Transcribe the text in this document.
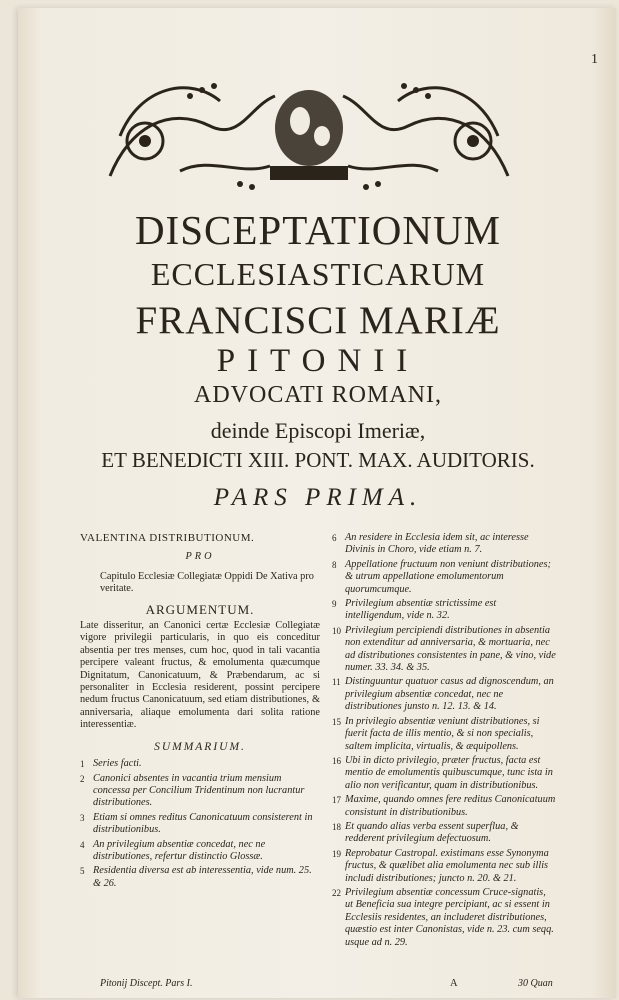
1
DISCEPTATIONUM
ECCLESIASTICARUM
FRANCISCI MARIÆ
PITONII
ADVOCATI ROMANI,
deinde Episcopi Imeriæ,
ET BENEDICTI XIII. PONT. MAX. AUDITORIS.
PARS PRIMA.
VALENTINA DISTRIBUTIONUM.
PRO
Capitulo Ecclesiæ Collegiatæ Oppidi De Xativa pro veritate.
ARGUMENTUM.
Late disseritur, an Canonici certæ Ecclesiæ Collegiatæ vigore privilegii particularis, in quo eis conceditur absentia per tres menses, cum hoc, quod in tali vacantia percipere valeant fructus, & emolumenta quæcumque Dignitatum, Canonicatuum, & Præbendarum, ac si personaliter in Ecclesia residerent, possint percipere nedum fructus Canonicatuum, sed etiam distributiones, & anniversaria, aliaque emolumenta dari solita ratione interessentiæ.
SUMMARIUM.
1 Series facti.
2 Canonici absentes in vacantia trium mensium concessa per Concilium Tridentinum non lucrantur distributiones.
3 Etiam si omnes reditus Canonicatuum consisterent in distributionibus.
4 An privilegium absentiæ concedat, nec ne distributiones, refertur distinctio Glossæ.
5 Residentia diversa est ab interessentia, vide num. 25. & 26.
6 An residere in Ecclesia idem sit, ac interesse Divinis in Choro, vide etiam n. 7.
8 Appellatione fructuum non veniunt distributiones; & utrum appellatione emolumentorum quorumcumque.
9 Privilegium absentiæ strictissime est intelligendum, vide n. 32.
10 Privilegium percipiendi distributiones in absentia non extenditur ad anniversaria, & mortuaria, nec ad distributiones consistentes in pane, & vino, vide numer. 33. 34. & 35.
11 Distinguuntur quatuor casus ad dignoscendum, an privilegium absentiæ concedat, nec ne distributiones junsto n. 12. 13. & 14.
15 In privilegio absentiæ veniunt distributiones, si fuerit facta de illis mentio, & si non specialis, saltem implicita, virtualis, & æquipollens.
16 Ubi in dicto privilegio, præter fructus, facta est mentio de emolumentis quibuscumque, tunc ista in alio non verificantur, quam in distributionibus.
17 Maxime, quando omnes fere reditus Canonicatuum consistunt in distributionibus.
18 Et quando alias verba essent superflua, & redderent privilegium defectuosum.
19 Reprobatur Castropal. existimans esse Synonyma fructus, & quælibet alia emolumenta nec sub illis includi distributiones; juncto n. 20. & 21.
22 Privilegium absentiæ concessum Cruce-signatis, ut Beneficia sua integre percipiant, ac si essent in Ecclesiis residentes, an includeret distributiones, quæstio est inter Canonistas, vide n. 23. cum seqq. usque ad n. 29.
Pitonij Discept. Pars I.	A	30 Quan
